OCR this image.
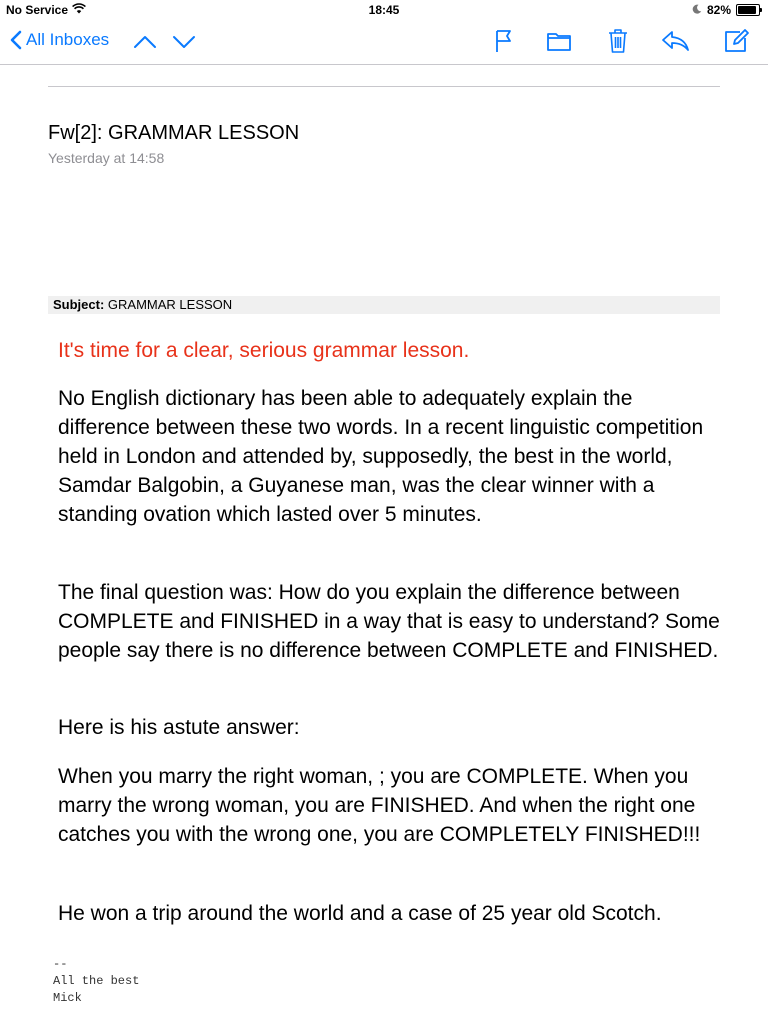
No Service	18:45	82%
All Inboxes
Fw[2]: GRAMMAR LESSON
Yesterday at 14:58
Subject: GRAMMAR LESSON
It's time for a clear, serious grammar lesson.
No English dictionary has been able to adequately explain the difference between these two words. In a recent linguistic competition held in London and attended by, supposedly, the best in the world, Samdar Balgobin, a Guyanese man, was the clear winner with a standing ovation which lasted over 5 minutes.
The final question was: How do you explain the difference between COMPLETE and FINISHED in a way that is easy to understand? Some people say there is no difference between COMPLETE and FINISHED.
Here is his astute answer:
When you marry the right woman, ; you are COMPLETE. When you marry the wrong woman, you are FINISHED. And when the right one catches you with the wrong one, you are COMPLETELY FINISHED!!!
He won a trip around the world and a case of 25 year old Scotch.
--
All the best
Mick
